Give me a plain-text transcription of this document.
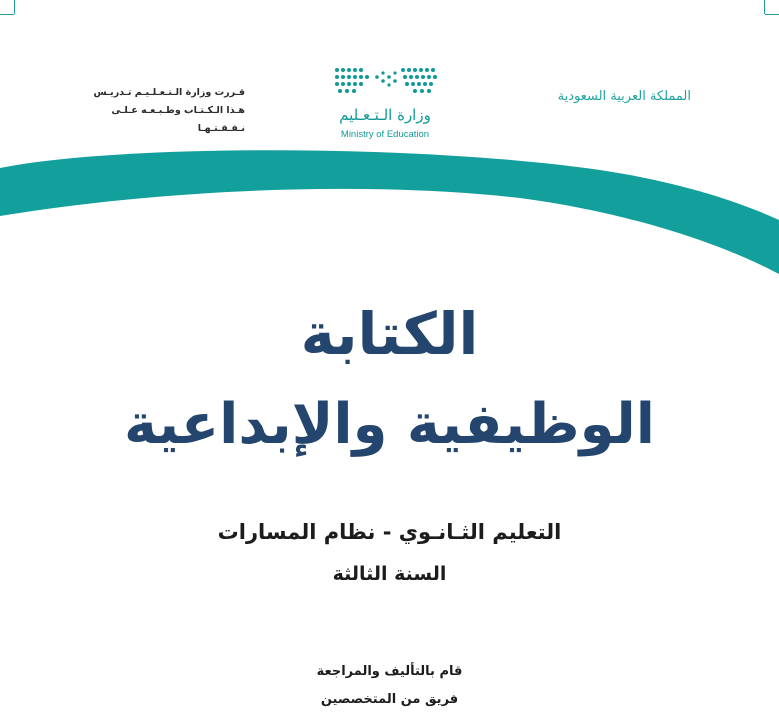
المملكة العربية السعودية
قـررت وزارة الـتـعـلـيـم تـدريـس
هـذا الـكـتـاب وطـبـعـه عـلـى نـفـقـتـهـا
وزارة الـتـعـليم
Ministry of Education
الكتابة
الوظيفية والإبداعية
التعليم الثـانـوي - نظام المسارات
السنة الثالثة
قام بالتأليف والمراجعة
فريق من المتخصصين
